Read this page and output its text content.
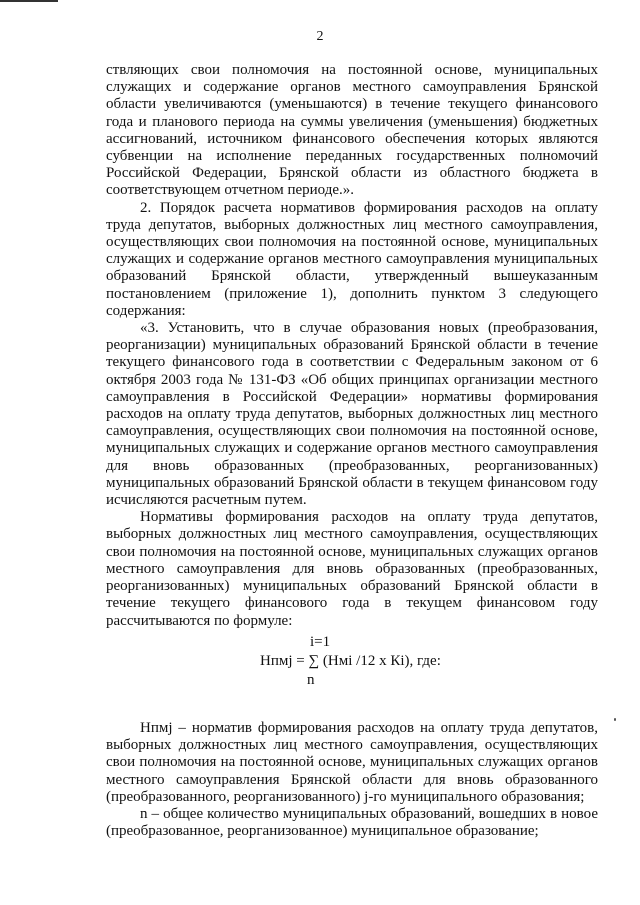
2

ствляющих свои полномочия на постоянной основе, муниципальных служащих и содержание органов местного самоуправления Брянской области увеличиваются (уменьшаются) в течение текущего финансового года и планового периода на суммы увеличения (уменьшения) бюджетных ассигнований, источником финансового обеспечения которых являются субвенции на исполнение переданных государственных полномочий Российской Федерации, Брянской области из областного бюджета в соответствующем отчетном периоде.».

2. Порядок расчета нормативов формирования расходов на оплату труда депутатов, выборных должностных лиц местного самоуправления, осуществляющих свои полномочия на постоянной основе, муниципальных служащих и содержание органов местного самоуправления муниципальных образований Брянской области, утвержденный вышеуказанным постановлением (приложение 1), дополнить пунктом 3 следующего содержания:

«3. Установить, что в случае образования новых (преобразования, реорганизации) муниципальных образований Брянской области в течение текущего финансового года в соответствии с Федеральным законом от 6 октября 2003 года № 131-ФЗ «Об общих принципах организации местного самоуправления в Российской Федерации» нормативы формирования расходов на оплату труда депутатов, выборных должностных лиц местного самоуправления, осуществляющих свои полномочия на постоянной основе, муниципальных служащих и содержание органов местного самоуправления для вновь образованных (преобразованных, реорганизованных) муниципальных образований Брянской области в текущем финансовом году исчисляются расчетным путем.

Нормативы формирования расходов на оплату труда депутатов, выборных должностных лиц местного самоуправления, осуществляющих свои полномочия на постоянной основе, муниципальных служащих органов местного самоуправления для вновь образованных (преобразованных, реорганизованных) муниципальных образований Брянской области в течение текущего финансового года в текущем финансовом году рассчитываются по формуле:

i=1
Нпмj = ∑ (Нмi /12 х Кi), где:
n

Нпмj – норматив формирования расходов на оплату труда депутатов, выборных должностных лиц местного самоуправления, осуществляющих свои полномочия на постоянной основе, муниципальных служащих органов местного самоуправления Брянской области для вновь образованного (преобразованного, реорганизованного) j-го муниципального образования;

n – общее количество муниципальных образований, вошедших в новое (преобразованное, реорганизованное) муниципальное образование;
